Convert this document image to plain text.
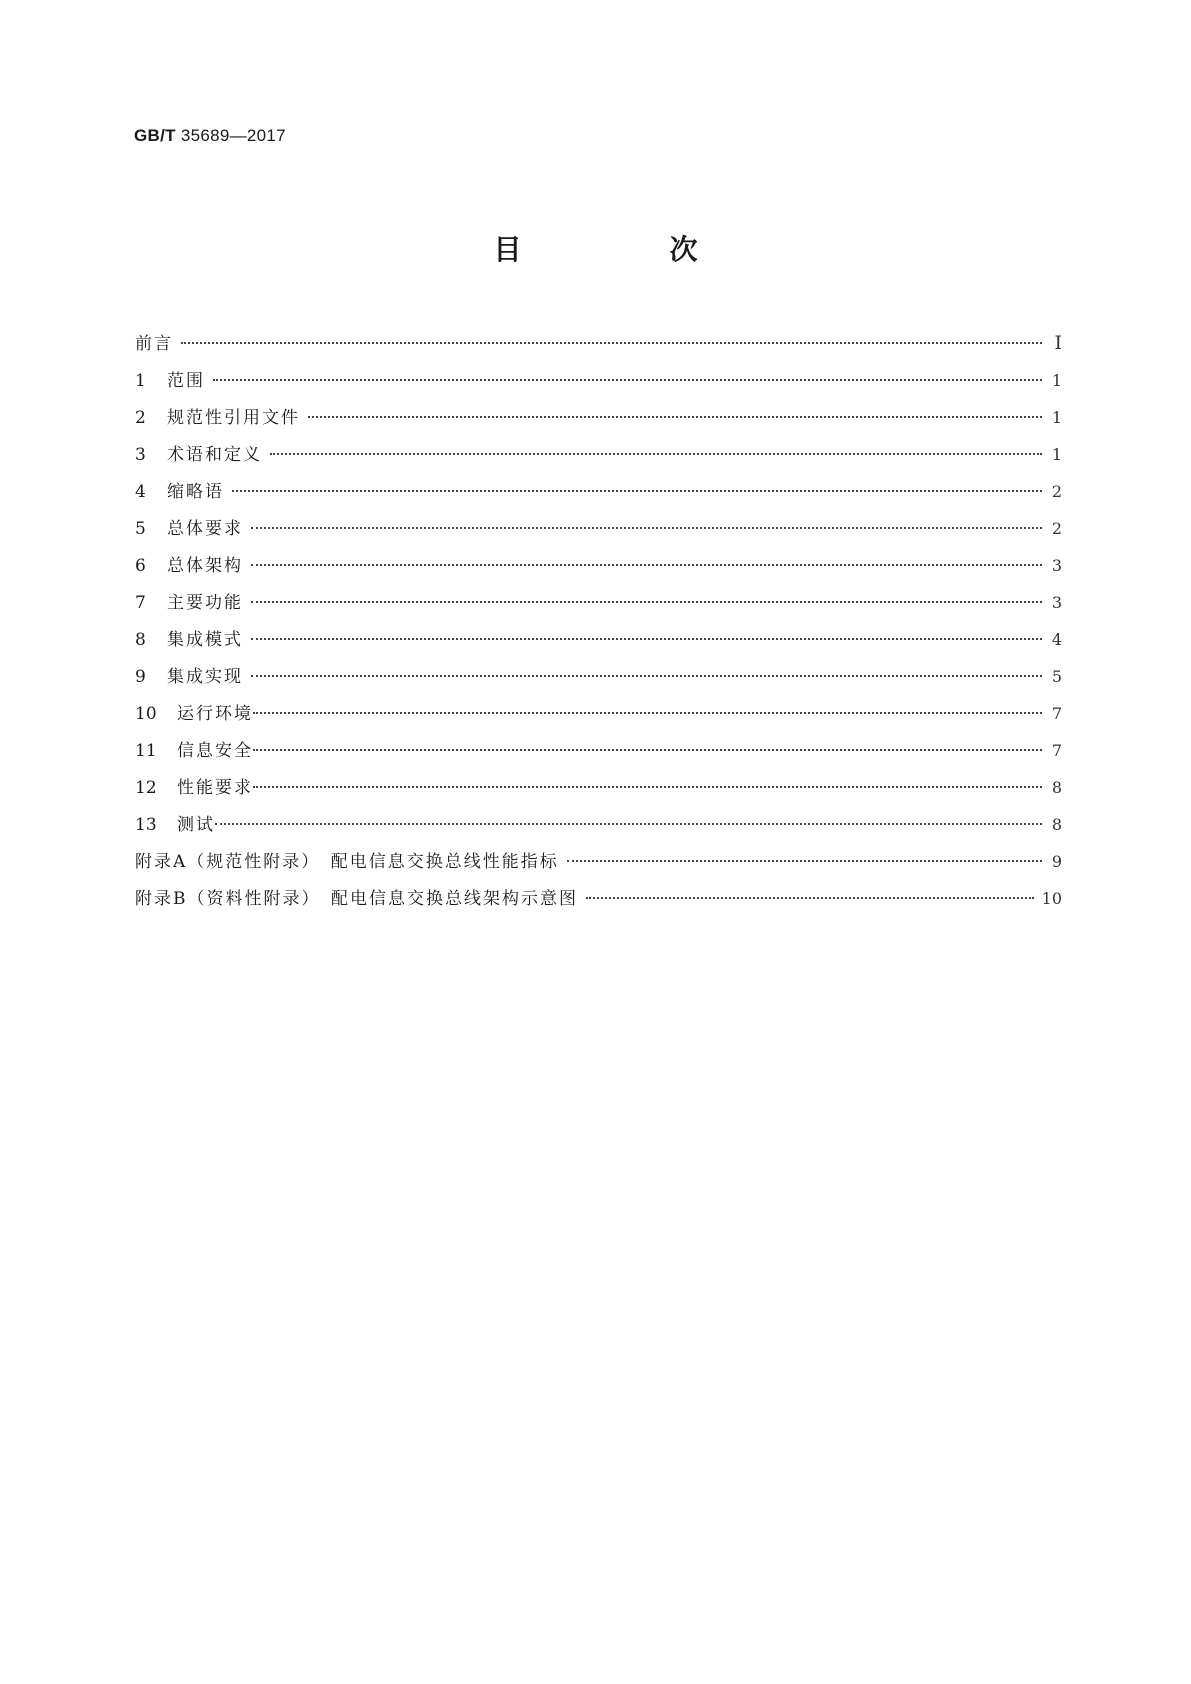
GB/T 35689—2017
目　次
前言	I
1	范围	1
2	规范性引用文件	1
3	术语和定义	1
4	缩略语	2
5	总体要求	2
6	总体架构	3
7	主要功能	3
8	集成模式	4
9	集成实现	5
10	运行环境	7
11	信息安全	7
12	性能要求	8
13	测试	8
附录A（规范性附录）　配电信息交换总线性能指标	9
附录B（资料性附录）　配电信息交换总线架构示意图	10
